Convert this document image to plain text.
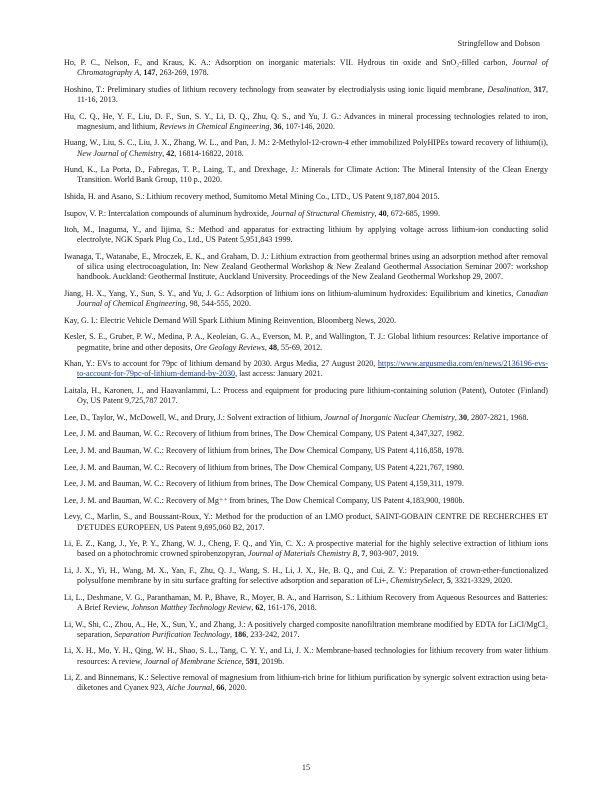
Stringfellow and Dobson

Ho, P. C., Nelson, F., and Kraus, K. A.: Adsorption on inorganic materials: VII. Hydrous tin oxide and SnO₂-filled carbon, Journal of Chromatography A, 147, 263-269, 1978.

Hoshino, T.: Preliminary studies of lithium recovery technology from seawater by electrodialysis using ionic liquid membrane, Desalination, 317, 11-16, 2013.

Hu, C. Q., He, Y. F., Liu, D. F., Sun, S. Y., Li, D. Q., Zhu, Q. S., and Yu, J. G.: Advances in mineral processing technologies related to iron, magnesium, and lithium, Reviews in Chemical Engineering, 36, 107-146, 2020.

Huang, W., Liu, S. C., Liu, J. X., Zhang, W. L., and Pan, J. M.: 2-Methylol-12-crown-4 ether immobilized PolyHIPEs toward recovery of lithium(i), New Journal of Chemistry, 42, 16814-16822, 2018.

Hund, K., La Porta, D., Fabregas, T. P., Laing, T., and Drexhage, J.: Minerals for Climate Action: The Mineral Intensity of the Clean Energy Transition. World Bank Group, 110 p., 2020.

Ishida, H. and Asano, S.: Lithium recovery method, Sumitomo Metal Mining Co., LTD., US Patent 9,187,804 2015.

Isupov, V. P.: Intercalation compounds of aluminum hydroxide, Journal of Structural Chemistry, 40, 672-685, 1999.

Itoh, M., Inaguma, Y., and Iijima, S.: Method and apparatus for extracting lithium by applying voltage across lithium-ion conducting solid electrolyte, NGK Spark Plug Co., Ltd., US Patent 5,951,843 1999.

Iwanaga, T., Watanabe, E., Mroczek, E. K., and Graham, D. J.: Lithium extraction from geothermal brines using an adsorption method after removal of silica using electrocoagulation, In: New Zealand Geothermal Workshop & New Zealand Geothermal Association Seminar 2007: workshop handbook. Auckland: Geothermal Institute, Auckland University. Proceedings of the New Zealand Geothermal Workshop 29, 2007.

Jiang, H. X., Yang, Y., Sun, S. Y., and Yu, J. G.: Adsorption of lithium ions on lithium-aluminum hydroxides: Equilibrium and kinetics, Canadian Journal of Chemical Engineering, 98, 544-555, 2020.

Kay, G. I.: Electric Vehicle Demand Will Spark Lithium Mining Reinvention, Bloomberg News, 2020.

Kesler, S. E., Gruber, P. W., Medina, P. A., Keoleian, G. A., Everson, M. P., and Wallington, T. J.: Global lithium resources: Relative importance of pegmatite, brine and other deposits, Ore Geology Reviews, 48, 55-69, 2012.

Khan, Y.: EVs to account for 79pc of lithium demand by 2030. Argus Media, 27 August 2020, https://www.argusmedia.com/en/news/2136196-evs-to-account-for-79pc-of-lithium-demand-by-2030, last access: January 2021.

Laitala, H., Karonen, J., and Haavanlammi, L.: Process and equipment for producing pure lithium-containing solution (Patent), Outotec (Finland) Oy, US Patent 9,725,787 2017.

Lee, D., Taylor, W., McDowell, W., and Drury, J.: Solvent extraction of lithium, Journal of Inorganic Nuclear Chemistry, 30, 2807-2821, 1968.

Lee, J. M. and Bauman, W. C.: Recovery of lithium from brines, The Dow Chemical Company, US Patent 4,347,327, 1982.

Lee, J. M. and Bauman, W. C.: Recovery of lithium from brines, The Dow Chemical Company, US Patent 4,116,858, 1978.

Lee, J. M. and Bauman, W. C.: Recovery of lithium from brines, The Dow Chemical Company, US Patent 4,221,767, 1980.

Lee, J. M. and Bauman, W. C.: Recovery of lithium from brines, The Dow Chemical Company, US Patent 4,159,311, 1979.

Lee, J. M. and Bauman, W. C.: Recovery of Mg⁺⁺ from brines, The Dow Chemical Company, US Patent 4,183,900, 1980b.

Levy, C., Marlin, S., and Boussant-Roux, Y.: Method for the production of an LMO product, SAINT-GOBAIN CENTRE DE RECHERCHES ET D'ETUDES EUROPEEN, US Patent 9,695,060 B2, 2017.

Li, E. Z., Kang, J., Ye, P. Y., Zhang, W. J., Cheng, F. Q., and Yin, C. X.: A prospective material for the highly selective extraction of lithium ions based on a photochromic crowned spirobenzopyran, Journal of Materials Chemistry B, 7, 903-907, 2019.

Li, J. X., Yi, H., Wang, M. X., Yan, F., Zhu, Q. J., Wang, S. H., Li, J. X., He, B. Q., and Cui, Z. Y.: Preparation of crown-ether-functionalized polysulfone membrane by in situ surface grafting for selective adsorption and separation of Li+, ChemistrySelect, 5, 3321-3329, 2020.

Li, L., Deshmane, V. G., Paranthaman, M. P., Bhave, R., Moyer, B. A., and Harrison, S.: Lithium Recovery from Aqueous Resources and Batteries: A Brief Review, Johnson Matthey Technology Review, 62, 161-176, 2018.

Li, W., Shi, C., Zhou, A., He, X., Sun, Y., and Zhang, J.: A positively charged composite nanofiltration membrane modified by EDTA for LiCl/MgCl₂ separation, Separation Purification Technology, 186, 233-242, 2017.

Li, X. H., Mo, Y. H., Qing, W. H., Shao, S. L., Tang, C. Y. Y., and Li, J. X.: Membrane-based technologies for lithium recovery from water lithium resources: A review, Journal of Membrane Science, 591, 2019b.

Li, Z. and Binnemans, K.: Selective removal of magnesium from lithium-rich brine for lithium purification by synergic solvent extraction using beta-diketones and Cyanex 923, Aiche Journal, 66, 2020.

15
